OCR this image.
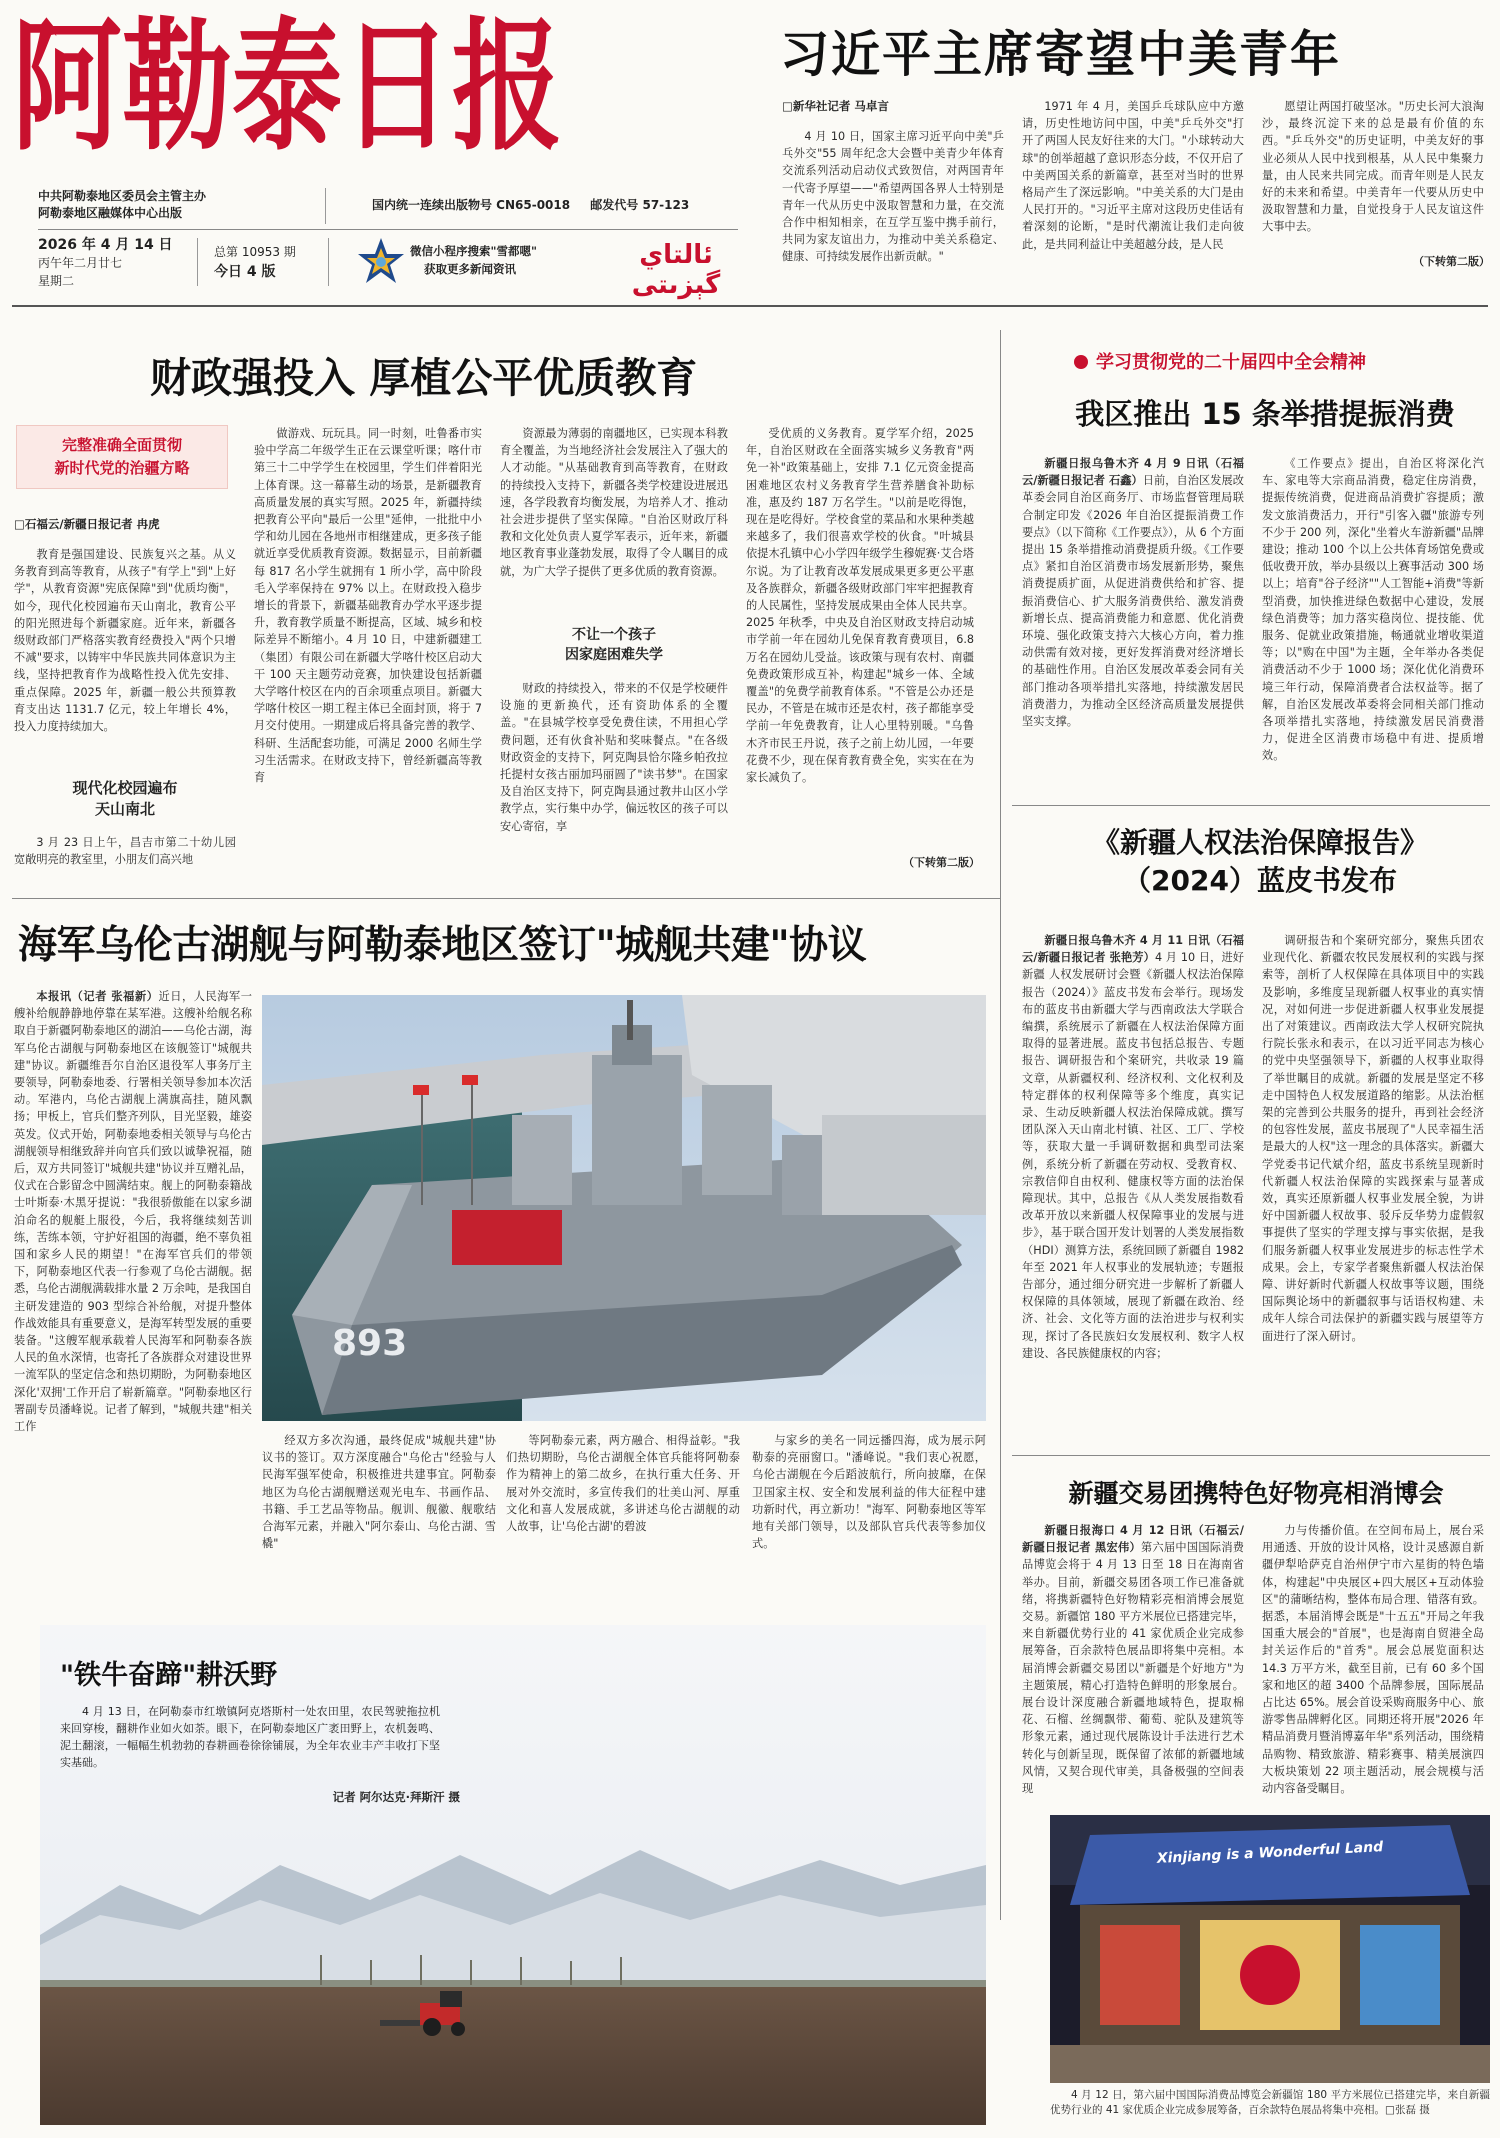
阿勒泰日报
中共阿勒泰地区委员会主管主办
阿勒泰地区融媒体中心出版
国内统一连续出版物号 CN65-0018 邮发代号 57-123
2026 年 4 月 14 日
丙午年二月廿七
星期二
总第 10953 期
今日 4 版
微信小程序搜索"雪都嗯"
获取更多新闻资讯	ئالتاي گېزىتى
习近平主席寄望中美青年
□新华社记者 马卓言

4 月 10 日，国家主席习近平向中美"乒乓外交"55 周年纪念大会暨中美青少年体育交流系列活动启动仪式致贺信，对两国青年一代寄予厚望——"希望两国各界人士特别是青年一代从历史中汲取智慧和力量，在交流合作中相知相亲，在互学互鉴中携手前行，共同为家友谊出力，为推动中美关系稳定、健康、可持续发展作出新贡献。"

1971 年 4 月，美国乒乓球队应中方邀请，历史性地访问中国，中美"乒乓外交"打开了两国人民友好往来的大门。"小球转动大球"的创举超越了意识形态分歧，不仅开启了中美两国关系的新篇章，甚至对当时的世界格局产生了深远影响。"中美关系的大门是由人民打开的。"习近平主席对这段历史佳话有着深刻的论断，"是时代潮流让我们走向彼此，是共同利益让中美超越分歧，是人民

愿望让两国打破坚冰。"历史长河大浪淘沙，最终沉淀下来的总是最有价值的东西。"乒乓外交"的历史证明，中美友好的事业必须从人民中找到根基，从人民中集聚力量，由人民来共同完成。而青年则是人民友好的未来和希望。中美青年一代要从历史中汲取智慧和力量，自觉投身于人民友谊这件大事中去。

（下转第二版）
财政强投入 厚植公平优质教育
完整准确全面贯彻
新时代党的治疆方略
□石福云/新疆日报记者 冉虎

教育是强国建设、民族复兴之基。从义务教育到高等教育，从孩子"有学上"到"上好学"，从教育资源"宪底保障"到"优质均衡"，如今，现代化校园遍布天山南北，教育公平的阳光照进每个新疆家庭。近年来，新疆各级财政部门严格落实教育经费投入"两个只增不减"要求，以铸牢中华民族共同体意识为主线，坚持把教育作为战略性投入优先安排、重点保障。2025 年，新疆一般公共预算教育支出达 1131.7 亿元，较上年增长 4%，投入力度持续加大。

现代化校园遍布
天山南北

3 月 23 日上午，昌吉市第二十幼儿园宽敞明亮的教室里，小朋友们高兴地

做游戏、玩玩具。同一时刻，吐鲁番市实验中学高二年级学生正在云课堂听课；喀什市第三十二中学学生在校园里，学生们伴着阳光上体育课。这一幕幕生动的场景，是新疆教育高质量发展的真实写照。2025 年，新疆持续把教育公平向"最后一公里"延伸，一批批中小学和幼儿园在各地州市相继建成，更多孩子能就近享受优质教育资源。数据显示，目前新疆每 817 名小学生就拥有 1 所小学，高中阶段毛入学率保持在 97% 以上。在财政投入稳步增长的背景下，新疆基础教育办学水平逐步提升，教育教学质量不断提高，区域、城乡和校际差异不断缩小。4 月 10 日，中建新疆建工（集团）有限公司在新疆大学喀什校区启动大干 100 天主题劳动竞赛，加快建设包括新疆大学喀什校区在内的百余项重点项目。新疆大学喀什校区一期工程主体已全面封顶，将于 7 月交付使用。一期建成后将具备完善的教学、科研、生活配套功能，可满足 2000 名师生学习生活需求。在财政支持下，曾经新疆高等教育

资源最为薄弱的南疆地区，已实现本科教育全覆盖，为当地经济社会发展注入了强大的人才动能。"从基础教育到高等教育，在财政的持续投入支持下，新疆各类学校建设进展迅速，各学段教育均衡发展，为培养人才、推动社会进步提供了坚实保障。"自治区财政厅科教和文化处负责人夏学军表示，近年来，新疆地区教育事业蓬勃发展，取得了令人瞩目的成就，为广大学子提供了更多优质的教育资源。

不让一个孩子
因家庭困难失学

财政的持续投入，带来的不仅是学校硬件设施的更新换代，还有资助体系的全覆盖。"在县城学校享受免费住读，不用担心学费问题，还有伙食补贴和奖味餐点。"在各级财政资金的支持下，阿克陶县恰尔隆乡帕孜拉托提村女孩古丽加玛丽圆了"读书梦"。在国家及自治区支持下，阿克陶县通过教井山区小学教学点，实行集中办学，偏远牧区的孩子可以安心寄宿，享

受优质的义务教育。夏学军介绍，2025 年，自治区财政在全面落实城乡义务教育"两免一补"政策基础上，安排 7.1 亿元资金提高困难地区农村义务教育学生营养膳食补助标准，惠及约 187 万名学生。"以前是吃得饱，现在是吃得好。学校食堂的菜品和水果种类越来越多了，我们很喜欢学校的伙食。"叶城县依提木孔镇中心小学四年级学生穆妮赛·艾合塔尔说。为了让教育改革发展成果更多更公平惠及各族群众，新疆各级财政部门牢牢把握教育的人民属性，坚持发展成果由全体人民共享。2025 年秋季，中央及自治区财政支持启动城市学前一年在园幼儿免保育教育费项目，6.8 万名在园幼儿受益。该政策与现有农村、南疆免费政策形成互补，构建起"城乡一体、全域覆盖"的免费学前教育体系。"不管是公办还是民办，不管是在城市还是农村，孩子都能享受学前一年免费教育，让人心里特别暖。"乌鲁木齐市民王丹说，孩子之前上幼儿园，一年要花费不少，现在保育教育费全免，实实在在为家长减负了。

（下转第二版）
学习贯彻党的二十届四中全会精神
我区推出 15 条举措提振消费

新疆日报乌鲁木齐 4 月 9 日讯（石福云/新疆日报记者 石鑫）日前，自治区发展改革委会同自治区商务厅、市场监督管理局联合制定印发《2026 年自治区提振消费工作要点》（以下简称《工作要点》），从 6 个方面提出 15 条举措推动消费提质升级。《工作要点》紧扣自治区消费市场发展新形势，聚焦消费提质扩面，从促进消费供给和扩容、提振消费信心、扩大服务消费供给、激发消费新增长点、提高消费能力和意愿、优化消费环境、强化政策支持六大核心方向，着力推动供需有效对接，更好发挥消费对经济增长的基础性作用。自治区发展改革委会同有关部门推动各项举措扎实落地，持续激发居民消费潜力，为推动全区经济高质量发展提供坚实支撑。

《工作要点》提出，自治区将深化汽车、家电等大宗商品消费，稳定住房消费，提振传统消费，促进商品消费扩容提质；激发文旅消费活力，开行"引客入疆"旅游专列不少于 200 列，深化"坐着火车游新疆"品牌建设；推动 100 个以上公共体育场馆免费或低收费开放，举办县级以上赛事活动 300 场以上；培育"谷子经济""人工智能+消费"等新型消费，加快推进绿色数据中心建设，发展绿色消费等；加力落实稳岗位、提技能、优服务、促就业政策措施，畅通就业增收渠道等；以"购在中国"为主题，全年举办各类促消费活动不少于 1000 场；深化优化消费环境三年行动，保障消费者合法权益等。据了解，自治区发展改革委将会同相关部门推动各项举措扎实落地，持续激发居民消费潜力，促进全区消费市场稳中有进、提质增效。

《新疆人权法治保障报告》
（2024）蓝皮书发布

新疆日报乌鲁木齐 4 月 11 日讯（石福云/新疆日报记者 张艳芳）4 月 10 日，进好新疆 人权发展研讨会暨《新疆人权法治保障报告（2024）》蓝皮书发布会举行。现场发布的蓝皮书由新疆大学与西南政法大学联合编撰，系统展示了新疆在人权法治保障方面取得的显著进展。蓝皮书包括总报告、专题报告、调研报告和个案研究，共收录 19 篇文章，从新疆权利、经济权利、文化权利及特定群体的权利保障等多个维度，真实记录、生动反映新疆人权法治保障成就。撰写团队深入天山南北村镇、社区、工厂、学校等，获取大量一手调研数据和典型司法案例，系统分析了新疆在劳动权、受教育权、宗教信仰自由权利、健康权等方面的法治保障现状。其中，总报告《从人类发展指数看改革开放以来新疆人权保障事业的发展与进步》，基于联合国开发计划署的人类发展指数（HDI）测算方法，系统回顾了新疆自 1982 年至 2021 年人权事业的发展轨迹；专题报告部分，通过细分研究进一步解析了新疆人权保障的具体领域，展现了新疆在政治、经济、社会、文化等方面的法治进步与权利实现，探讨了各民族妇女发展权利、数字人权建设、各民族健康权的内容；

调研报告和个案研究部分，聚焦兵团农业现代化、新疆农牧民发展权利的实践与探索等，剖析了人权保障在具体项目中的实践及影响，多维度呈现新疆人权事业的真实情况，对如何进一步促进新疆人权事业发展提出了对策建议。西南政法大学人权研究院执行院长张永和表示，在以习近平同志为核心的党中央坚强领导下，新疆的人权事业取得了举世瞩目的成就。新疆的发展是坚定不移走中国特色人权发展道路的缩影。从法治框架的完善到公共服务的提升，再到社会经济的包容性发展，蓝皮书展现了"人民幸福生活是最大的人权"这一理念的具体落实。新疆大学党委书记代斌介绍，蓝皮书系统呈现新时代新疆人权法治保障的实践探索与显著成效，真实还原新疆人权事业发展全貌，为讲好中国新疆人权故事、驳斥反华势力虚假叙事提供了坚实的学理支撑与事实依据，是我们服务新疆人权事业发展进步的标志性学术成果。会上，专家学者聚焦新疆人权法治保障、讲好新时代新疆人权故事等议题，围绕国际舆论场中的新疆叙事与话语权构建、未成年人综合司法保护的新疆实践与展望等方面进行了深入研讨。

海军乌伦古湖舰与阿勒泰地区签订"城舰共建"协议

本报讯（记者 张福新）近日，人民海军一艘补给舰静静地停靠在某军港。这艘补给舰名称取自于新疆阿勒泰地区的湖泊——乌伦古湖，海军乌伦古湖舰与阿勒泰地区在该舰签订"城舰共建"协议。新疆维吾尔自治区退役军人事务厅主要领导，阿勒泰地委、行署相关领导参加本次活动。军港内，乌伦古湖舰上满旗高挂，随风飘扬；甲板上，官兵们整齐列队，目光坚毅，雄姿英发。仪式开始，阿勒泰地委相关领导与乌伦古湖舰领导相继致辞并向官兵们致以诚挚祝福，随后，双方共同签订"城舰共建"协议并互赠礼品，仪式在合影留念中圆满结束。舰上的阿勒泰籍战士叶斯泰·木黑牙提说："我很骄傲能在以家乡湖泊命名的舰艇上服役，今后，我将继续刻苦训练，苦练本领，守护好祖国的海疆，绝不辜负祖国和家乡人民的期望！"在海军官兵们的带领下，阿勒泰地区代表一行参观了乌伦古湖舰。据悉，乌伦古湖舰满载排水量 2 万余吨，是我国自主研发建造的 903 型综合补给舰，对提升整体作战效能具有重要意义，是海军转型发展的重要装备。"这艘军舰承载着人民海军和阿勒泰各族人民的鱼水深情，也寄托了各族群众对建设世界一流军队的坚定信念和热切期盼，为阿勒泰地区深化'双拥'工作开启了崭新篇章。"阿勒泰地区行署副专员潘峰说。记者了解到，"城舰共建"相关工作

893

经双方多次沟通，最终促成"城舰共建"协议书的签订。双方深度融合"乌伦古"经验与人民海军强军使命，积极推进共建事宜。阿勒泰地区为乌伦古湖舰赠送观光电车、书画作品、书籍、手工艺品等物品。舰训、舰徽、舰歌结合海军元素，并融入"阿尔泰山、乌伦古湖、雪橇"

等阿勒泰元素，两方融合、相得益彰。"我们热切期盼，乌伦古湖舰全体官兵能将阿勒泰作为精神上的第二故乡，在执行重大任务、开展对外交流时，多宣传我们的壮美山河、厚重文化和喜人发展成就，多讲述乌伦古湖舰的动人故事，让'乌伦古湖'的碧波

与家乡的美名一同远播四海，成为展示阿勒泰的亮丽窗口。"潘峰说。"我们衷心祝愿，乌伦古湖舰在今后蹈波航行，所向披靡，在保卫国家主权、安全和发展利益的伟大征程中建功新时代，再立新功！"海军、阿勒泰地区等军地有关部门领导，以及部队官兵代表等参加仪式。

新疆交易团携特色好物亮相消博会

新疆日报海口 4 月 12 日讯（石福云/新疆日报记者 黑宏伟）第六届中国国际消费品博览会将于 4 月 13 日至 18 日在海南省举办。目前，新疆交易团各项工作已准备就绪，将携新疆特色好物精彩亮相消博会展览交易。新疆馆 180 平方米展位已搭建完毕，来自新疆优势行业的 41 家优质企业完成参展筹备，百余款特色展品即将集中亮相。本届消博会新疆交易团以"新疆是个好地方"为主题策展，精心打造特色鲜明的形象展台。展台设计深度融合新疆地域特色，提取棉花、石榴、丝绸飘带、葡萄、驼队及建筑等形象元素，通过现代展陈设计手法进行艺术转化与创新呈现，既保留了浓郁的新疆地域风情，又契合现代审美，具备极强的空间表现

力与传播价值。在空间布局上，展台采用通透、开放的设计风格，设计灵感源自新疆伊犁哈萨克自治州伊宁市六星街的特色墙体，构建起"中央展区+四大展区+互动体验区"的蒲晰结构，整体布局合理、错落有致。据悉，本届消博会既是"十五五"开局之年我国重大展会的"首展"，也是海南自贸港全岛封关运作后的"首秀"。展会总展览面积达 14.3 万平方米，截至目前，已有 60 多个国家和地区的超 3400 个品牌参展，国际展品占比达 65%。展会首设采购商服务中心、旅游零售品牌孵化区。同期还将开展"2026 年精品消费月暨消博嘉年华"系列活动，围绕精品购物、精致旅游、精彩赛事、精美展演四大板块策划 22 项主题活动，展会规模与活动内容备受瞩目。

Xinjiang is a Wonderful Land

4 月 12 日，第六届中国国际消费品博览会新疆馆 180 平方米展位已搭建完毕，来自新疆优势行业的 41 家优质企业完成参展筹备，百余款特色展品将集中亮相。□张磊 摄

"铁牛奋蹄"耕沃野

4 月 13 日，在阿勒泰市红墩镇阿克塔斯村一处农田里，农民驾驶拖拉机来回穿梭，翻耕作业如火如荼。眼下，在阿勒泰地区广袤田野上，农机轰鸣、泥土翻滚，一幅幅生机勃勃的春耕画卷徐徐铺展，为全年农业丰产丰收打下坚实基础。

记者 阿尔达克·拜斯汗 摄
